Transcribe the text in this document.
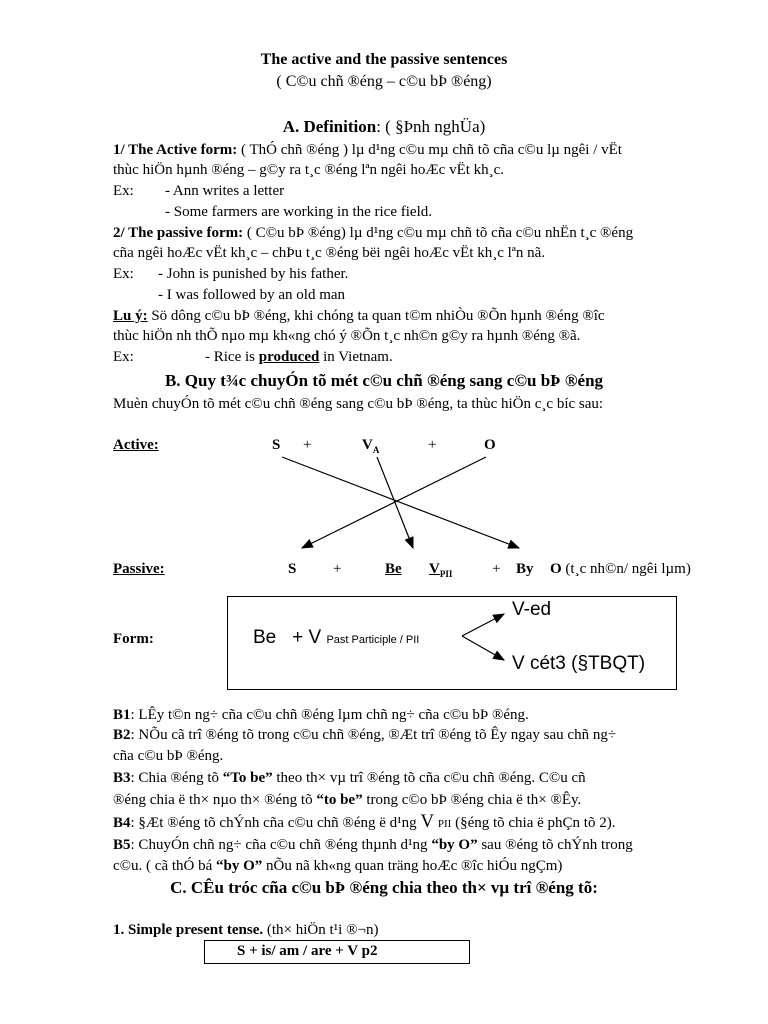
The active and the passive sentences
( C©u chñ ®éng – c©u bÞ ®éng)
A. Definition: ( §Þnh nghÜa)
1/ The Active form: ( ThÓ chñ ®éng ) lµ d¹ng c©u mµ chñ tõ cña c©u lµ ngêi / vËt
thùc hiÖn hµnh ®éng – g©y ra t¸c ®éng lªn ngêi hoÆc vËt kh¸c.
Ex: - Ann writes a letter
- Some farmers are working in the rice field.
2/ The passive form: ( C©u bÞ ®éng) lµ d¹ng c©u mµ chñ tõ cña c©u nhËn t¸c ®éng
cña ngêi hoÆc vËt kh¸c – chÞu t¸c ®éng bëi ngêi hoÆc vËt kh¸c lªn nã.
Ex: - John is punished by his father.
- I was followed by an old man
Lu ý: Sö dông c©u bÞ ®éng, khi chóng ta quan t©m nhiÒu ®Õn hµnh ®éng ®îc
thùc hiÖn nh thÕ nµo mµ kh«ng chó ý ®Õn t¸c nh©n g©y ra hµnh ®éng ®ã.
Ex:	- Rice is produced in Vietnam.
B. Quy t¾c chuyÓn tõ mét c©u chñ ®éng sang c©u bÞ ®éng
Muèn chuyÓn tõ mét c©u chñ ®éng sang c©u bÞ ®éng, ta thùc hiÖn c¸c bíc sau:
Active:	S +	$V_A$	+	O
Passive:	S +	Be $V_{PII}$	+ By O (t¸c nh©n/ ngêi lµm)
Form:	Be + V Past Participle / PII
V-ed
V cét3 (§TBQT)
B1: LÊy t©n ng÷ cña c©u chñ ®éng lµm chñ ng÷ cña c©u bÞ ®éng.
B2: NÕu cã trî ®éng tõ trong c©u chñ ®éng, ®Æt trî ®éng tõ Êy ngay sau chñ ng÷
cña c©u bÞ ®éng.
B3: Chia ®éng tõ “To be” theo th× vµ trî ®éng tõ cña c©u chñ ®éng. C©u cñ
®éng chia ë th× nµo th× ®éng tõ “to be” trong c©o bÞ ®éng chia ë th× ®Êy.
B4: §Æt ®éng tõ chÝnh cña c©u chñ ®éng ë d¹ng V PII (§éng tõ chia ë phÇn tõ 2).
B5: ChuyÓn chñ ng÷ cña c©u chñ ®éng thµnh d¹ng “by O” sau ®éng tõ chÝnh trong
c©u. ( cã thÓ bá “by O” nÕu nã kh«ng quan träng hoÆc ®îc hiÓu ngÇm)
C. CÊu tróc cña c©u bÞ ®éng chia theo th× vµ trî ®éng tõ:
1. Simple present tense. (th× hiÖn t¹i ®¬n)
S + is/ am / are + V p2
